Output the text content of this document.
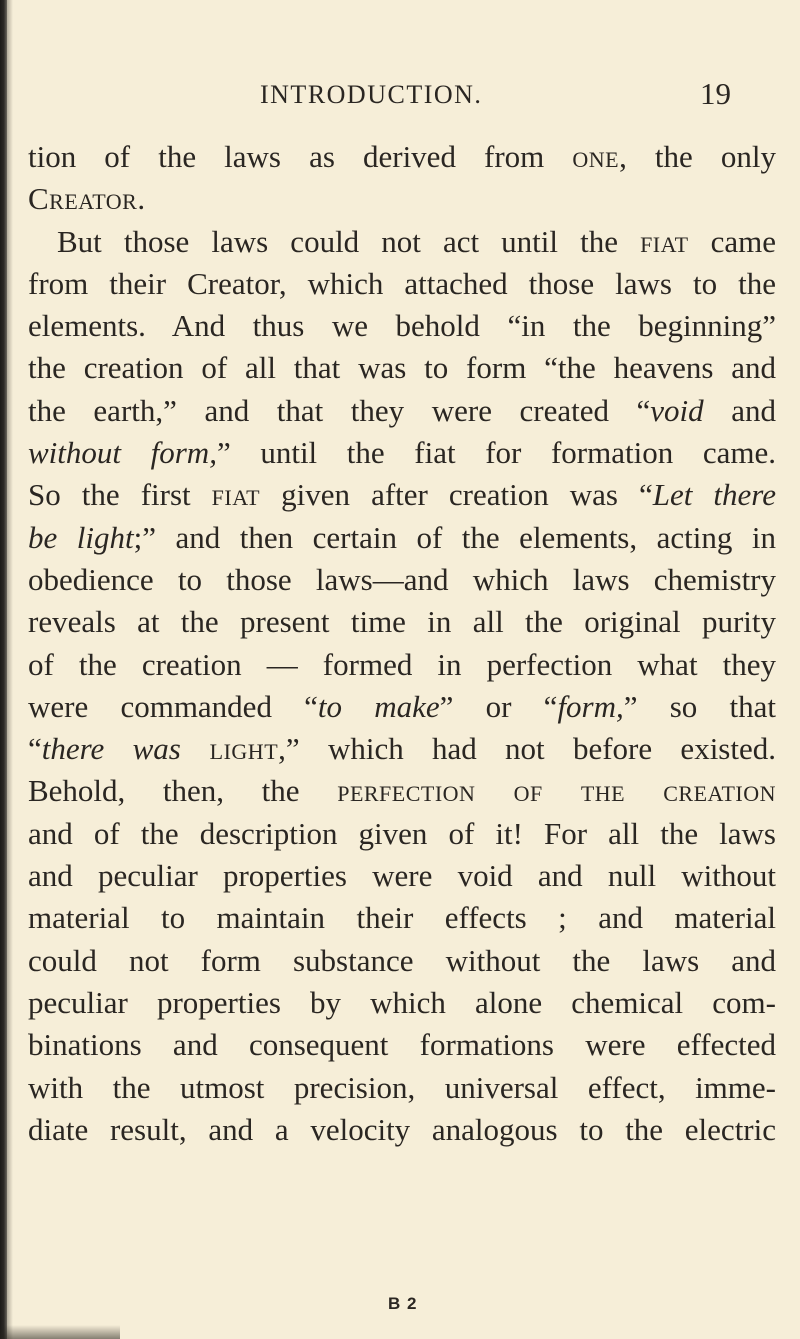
INTRODUCTION.	19
tion of the laws as derived from one, the only
Creator.
But those laws could not act until the fiat came
from their Creator, which attached those laws to the
elements. And thus we behold “in the beginning”
the creation of all that was to form “the heavens and
the earth,” and that they were created “void and
without form,” until the fiat for formation came.
So the first fiat given after creation was “Let there
be light;” and then certain of the elements, acting in
obedience to those laws—and which laws chemistry
reveals at the present time in all the original purity
of the creation — formed in perfection what they
were commanded “to make” or “form,” so that
“there was light,” which had not before existed.
Behold, then, the perfection of the creation
and of the description given of it! For all the laws
and peculiar properties were void and null without
material to maintain their effects ; and material
could not form substance without the laws and
peculiar properties by which alone chemical com-
binations and consequent formations were effected
with the utmost precision, universal effect, imme-
diate result, and a velocity analogous to the electric
B 2
